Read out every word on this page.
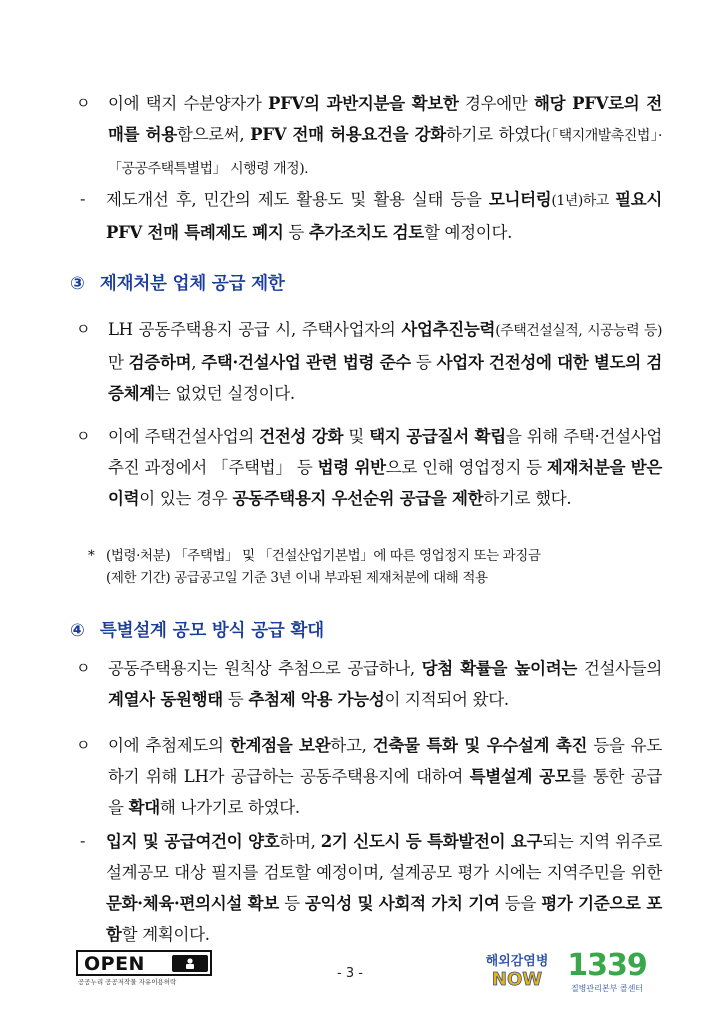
ㅇ	이에 택지 수분양자가 PFV의 과반지분을 확보한 경우에만 해당 PFV로의 전매를 허용함으로써, PFV 전매 허용요건을 강화하기로 하였다(「택지개발촉진법」·「공공주택특별법」 시행령 개정).
-	제도개선 후, 민간의 제도 활용도 및 활용 실태 등을 모니터링(1년)하고 필요시 PFV 전매 특례제도 폐지 등 추가조치도 검토할 예정이다.
③ 제재처분 업체 공급 제한
ㅇ	LH 공동주택용지 공급 시, 주택사업자의 사업추진능력(주택건설실적, 시공능력 등)만 검증하며, 주택·건설사업 관련 법령 준수 등 사업자 건전성에 대한 별도의 검증체계는 없었던 실정이다.
ㅇ	이에 주택건설사업의 건전성 강화 및 택지 공급질서 확립을 위해 주택·건설사업 추진 과정에서 「주택법」 등 법령 위반으로 인해 영업정지 등 제재처분을 받은 이력이 있는 경우 공동주택용지 우선순위 공급을 제한하기로 했다.
* (법령·처분) 「주택법」 및 「건설산업기본법」에 따른 영업정지 또는 과징금
(제한 기간) 공급공고일 기준 3년 이내 부과된 제재처분에 대해 적용
④ 특별설계 공모 방식 공급 확대
ㅇ	공동주택용지는 원칙상 추첨으로 공급하나, 당첨 확률을 높이려는 건설사들의 계열사 동원행태 등 추첨제 악용 가능성이 지적되어 왔다.
ㅇ	이에 추첨제도의 한계점을 보완하고, 건축물 특화 및 우수설계 촉진 등을 유도하기 위해 LH가 공급하는 공동주택용지에 대하여 특별설계 공모를 통한 공급을 확대해 나가기로 하였다.
-	입지 및 공급여건이 양호하며, 2기 신도시 등 특화발전이 요구되는 지역 위주로 설계공모 대상 필지를 검토할 예정이며, 설계공모 평가 시에는 지역주민을 위한 문화·체육·편의시설 확보 등 공익성 및 사회적 가치 기여 등을 평가 기준으로 포함할 계획이다.
OPEN
공공누리 공공저작물 자유이용허락
- 3 -
해외감염병
NOW 1339
질병관리본부 콜센터
